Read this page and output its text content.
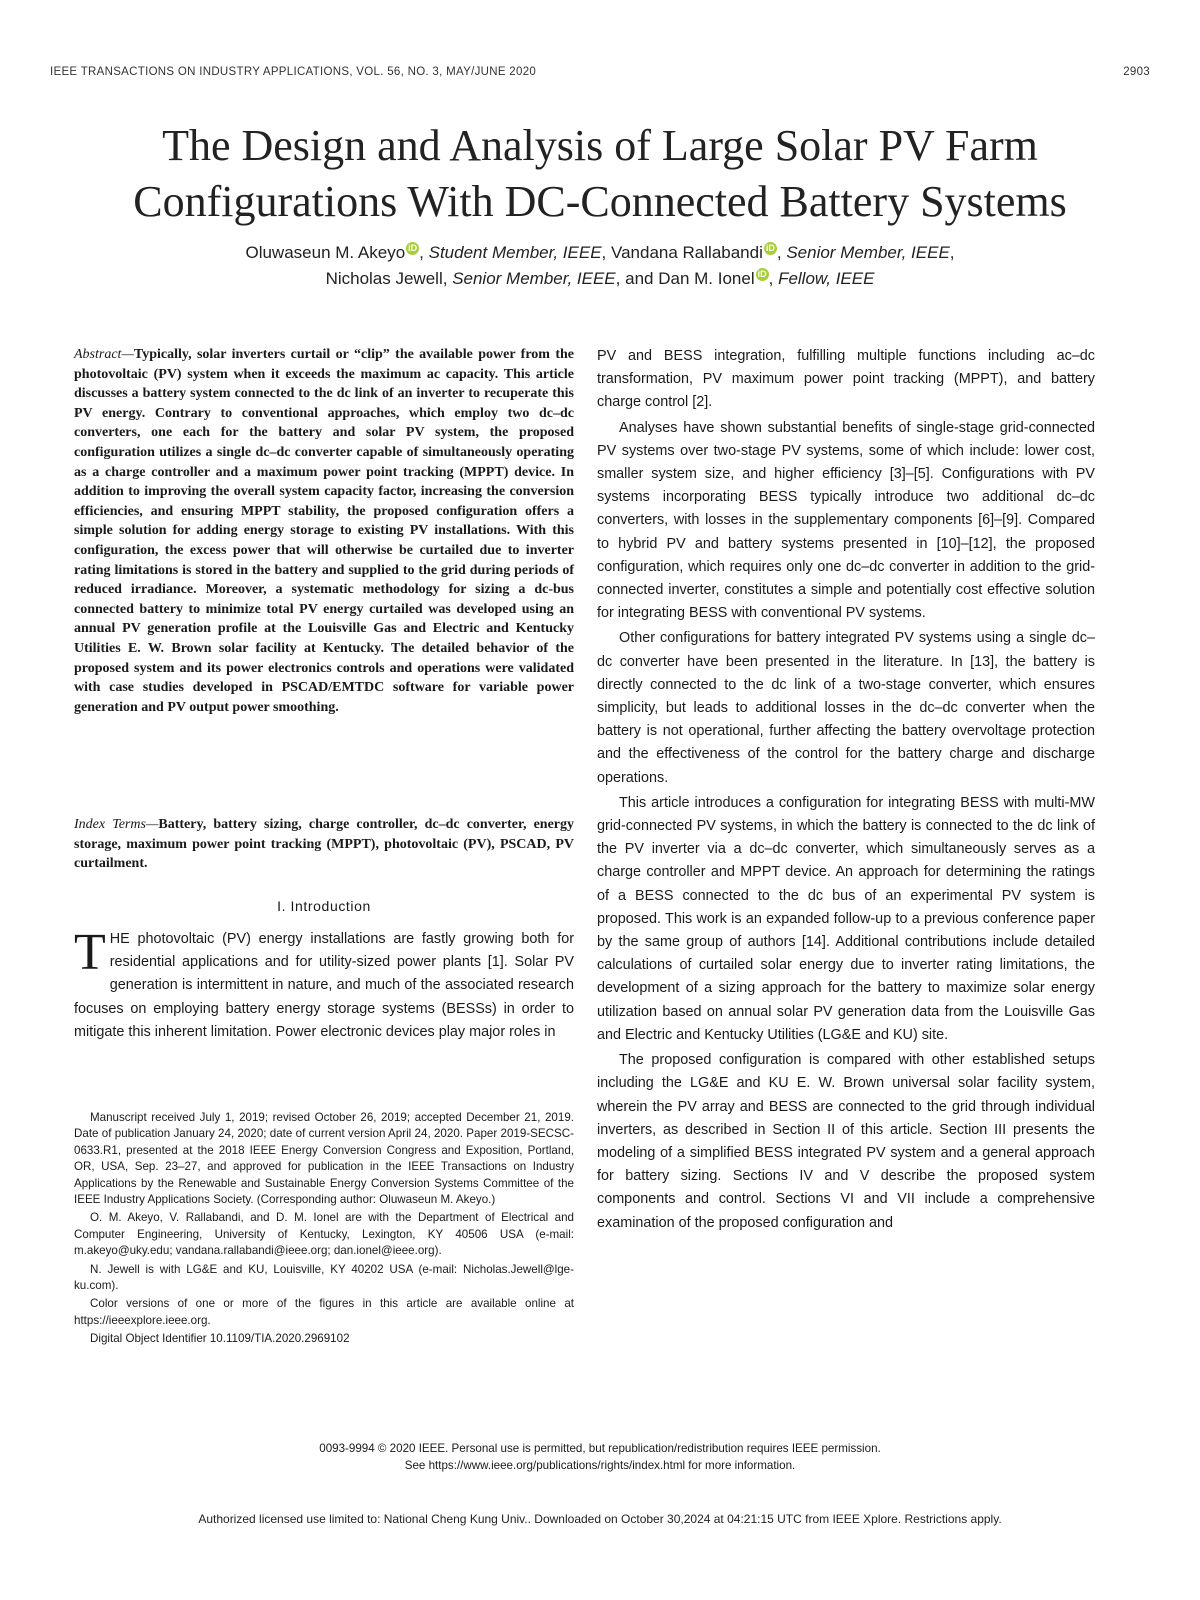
IEEE TRANSACTIONS ON INDUSTRY APPLICATIONS, VOL. 56, NO. 3, MAY/JUNE 2020	2903
The Design and Analysis of Large Solar PV Farm Configurations With DC-Connected Battery Systems
Oluwaseun M. Akeyo iD , Student Member, IEEE, Vandana Rallabandi iD , Senior Member, IEEE,
Nicholas Jewell, Senior Member, IEEE, and Dan M. Ionel iD , Fellow, IEEE
Abstract—Typically, solar inverters curtail or “clip” the available power from the photovoltaic (PV) system when it exceeds the maximum ac capacity. This article discusses a battery system connected to the dc link of an inverter to recuperate this PV energy. Contrary to conventional approaches, which employ two dc–dc converters, one each for the battery and solar PV system, the proposed configuration utilizes a single dc–dc converter capable of simultaneously operating as a charge controller and a maximum power point tracking (MPPT) device. In addition to improving the overall system capacity factor, increasing the conversion efficiencies, and ensuring MPPT stability, the proposed configuration offers a simple solution for adding energy storage to existing PV installations. With this configuration, the excess power that will otherwise be curtailed due to inverter rating limitations is stored in the battery and supplied to the grid during periods of reduced irradiance. Moreover, a systematic methodology for sizing a dc-bus connected battery to minimize total PV energy curtailed was developed using an annual PV generation profile at the Louisville Gas and Electric and Kentucky Utilities E. W. Brown solar facility at Kentucky. The detailed behavior of the proposed system and its power electronics controls and operations were validated with case studies developed in PSCAD/EMTDC software for variable power generation and PV output power smoothing.
Index Terms—Battery, battery sizing, charge controller, dc–dc converter, energy storage, maximum power point tracking (MPPT), photovoltaic (PV), PSCAD, PV curtailment.
I. Introduction
THE photovoltaic (PV) energy installations are fastly growing both for residential applications and for utility-sized power plants [1]. Solar PV generation is intermittent in nature, and much of the associated research focuses on employing battery energy storage systems (BESSs) in order to mitigate this inherent limitation. Power electronic devices play major roles in

Manuscript received July 1, 2019; revised October 26, 2019; accepted December 21, 2019. Date of publication January 24, 2020; date of current version April 24, 2020. Paper 2019-SECSC-0633.R1, presented at the 2018 IEEE Energy Conversion Congress and Exposition, Portland, OR, USA, Sep. 23–27, and approved for publication in the IEEE Transactions on Industry Applications by the Renewable and Sustainable Energy Conversion Systems Committee of the IEEE Industry Applications Society. (Corresponding author: Oluwaseun M. Akeyo.)

O. M. Akeyo, V. Rallabandi, and D. M. Ionel are with the Department of Electrical and Computer Engineering, University of Kentucky, Lexington, KY 40506 USA (e-mail: m.akeyo@uky.edu; vandana.rallabandi@ieee.org; dan.ionel@ieee.org).

N. Jewell is with LG&E and KU, Louisville, KY 40202 USA (e-mail: Nicholas.Jewell@lge-ku.com).

Color versions of one or more of the figures in this article are available online at https://ieeexplore.ieee.org.

Digital Object Identifier 10.1109/TIA.2020.2969102

PV and BESS integration, fulfilling multiple functions including ac–dc transformation, PV maximum power point tracking (MPPT), and battery charge control [2].

Analyses have shown substantial benefits of single-stage grid-connected PV systems over two-stage PV systems, some of which include: lower cost, smaller system size, and higher efficiency [3]–[5]. Configurations with PV systems incorporating BESS typically introduce two additional dc–dc converters, with losses in the supplementary components [6]–[9]. Compared to hybrid PV and battery systems presented in [10]–[12], the proposed configuration, which requires only one dc–dc converter in addition to the grid-connected inverter, constitutes a simple and potentially cost effective solution for integrating BESS with conventional PV systems.

Other configurations for battery integrated PV systems using a single dc–dc converter have been presented in the literature. In [13], the battery is directly connected to the dc link of a two-stage converter, which ensures simplicity, but leads to additional losses in the dc–dc converter when the battery is not operational, further affecting the battery overvoltage protection and the effectiveness of the control for the battery charge and discharge operations.

This article introduces a configuration for integrating BESS with multi-MW grid-connected PV systems, in which the battery is connected to the dc link of the PV inverter via a dc–dc converter, which simultaneously serves as a charge controller and MPPT device. An approach for determining the ratings of a BESS connected to the dc bus of an experimental PV system is proposed. This work is an expanded follow-up to a previous conference paper by the same group of authors [14]. Additional contributions include detailed calculations of curtailed solar energy due to inverter rating limitations, the development of a sizing approach for the battery to maximize solar energy utilization based on annual solar PV generation data from the Louisville Gas and Electric and Kentucky Utilities (LG&E and KU) site.

The proposed configuration is compared with other established setups including the LG&E and KU E. W. Brown universal solar facility system, wherein the PV array and BESS are connected to the grid through individual inverters, as described in Section II of this article. Section III presents the modeling of a simplified BESS integrated PV system and a general approach for battery sizing. Sections IV and V describe the proposed system components and control. Sections VI and VII include a comprehensive examination of the proposed configuration and

0093-9994 © 2020 IEEE. Personal use is permitted, but republication/redistribution requires IEEE permission.
See https://www.ieee.org/publications/rights/index.html for more information.
Authorized licensed use limited to: National Cheng Kung Univ.. Downloaded on October 30,2024 at 04:21:15 UTC from IEEE Xplore. Restrictions apply.
